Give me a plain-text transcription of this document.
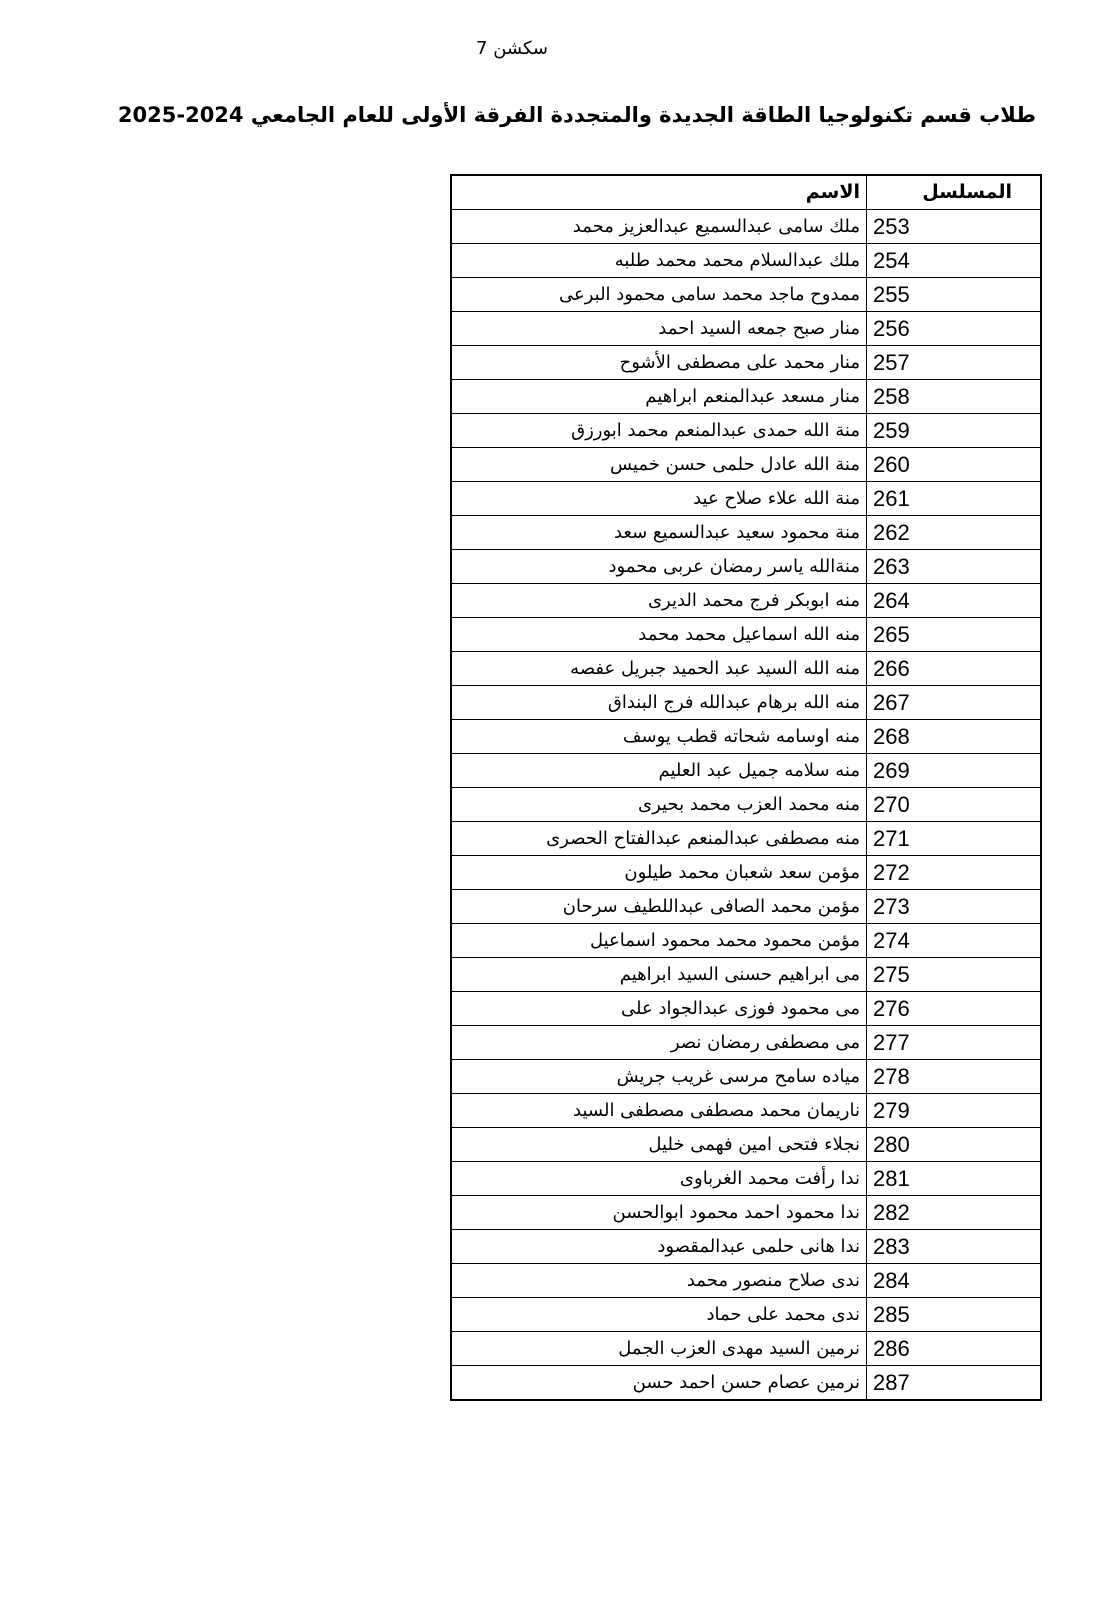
سكشن 7
طلاب قسم تكنولوجيا الطاقة الجديدة والمتجددة الفرقة الأولى للعام الجامعي 2024-2025
المسلسل	الاسم
253	ملك سامى عبدالسميع عبدالعزيز محمد
254	ملك عبدالسلام محمد محمد طلبه
255	ممدوح ماجد محمد سامى محمود البرعى
256	منار صبح جمعه السيد احمد
257	منار محمد على مصطفى الأشوح
258	منار مسعد عبدالمنعم ابراهيم
259	منة الله حمدى عبدالمنعم محمد ابورزق
260	منة الله عادل حلمى حسن خميس
261	منة الله علاء صلاح عيد
262	منة محمود سعيد عبدالسميع سعد
263	منةالله ياسر رمضان عربى محمود
264	منه ابوبكر فرج محمد الديرى
265	منه الله اسماعيل محمد محمد
266	منه الله السيد عبد الحميد جبريل عفصه
267	منه الله برهام عبدالله فرج البنداق
268	منه اوسامه شحاته قطب يوسف
269	منه سلامه جميل عبد العليم
270	منه محمد العزب محمد بحيرى
271	منه مصطفى عبدالمنعم عبدالفتاح الحصرى
272	مؤمن سعد شعبان محمد طيلون
273	مؤمن محمد الصافى عبداللطيف سرحان
274	مؤمن محمود محمد محمود اسماعيل
275	مى ابراهيم حسنى السيد ابراهيم
276	مى محمود فوزى عبدالجواد على
277	مى مصطفى رمضان نصر
278	مياده سامح مرسى غريب جريش
279	ناريمان محمد مصطفى مصطفى السيد
280	نجلاء فتحى امين فهمى خليل
281	ندا رأفت محمد الغرباوى
282	ندا محمود احمد محمود ابوالحسن
283	ندا هانى حلمى عبدالمقصود
284	ندى صلاح منصور محمد
285	ندى محمد على حماد
286	نرمين السيد مهدى العزب الجمل
287	نرمين عصام حسن احمد حسن
